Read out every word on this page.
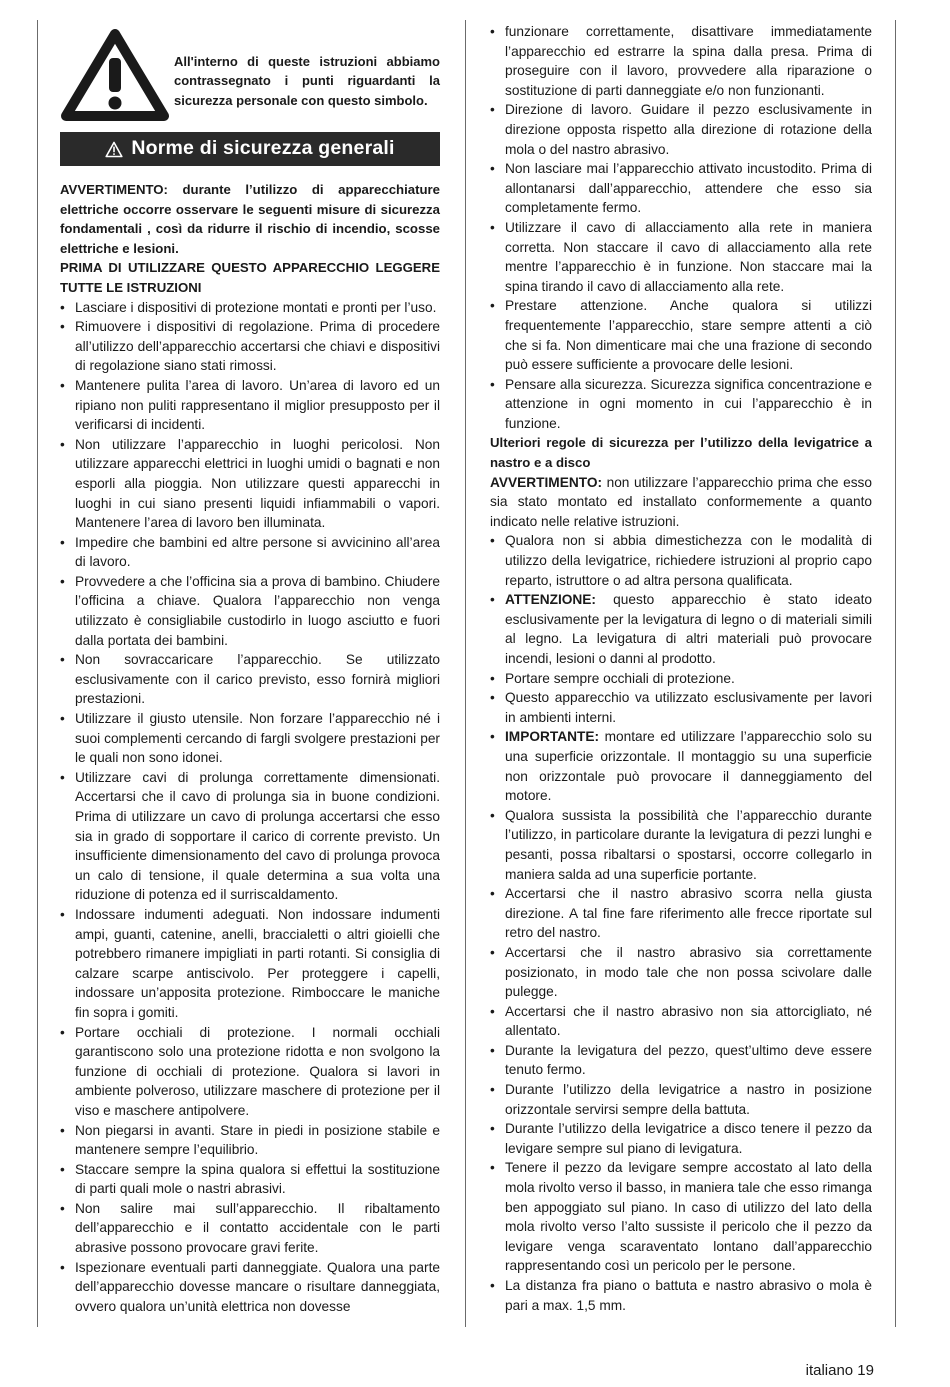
All'interno di queste istruzioni abbiamo contrassegnato i punti riguardanti la sicurezza personale con questo simbolo.
Norme di sicurezza generali

AVVERTIMENTO: durante l’utilizzo di apparecchiature elettriche occorre osservare le seguenti misure di sicurezza fondamentali , così da ridurre il rischio di incendio, scosse elettriche e lesioni.

PRIMA DI UTILIZZARE QUESTO APPARECCHIO LEGGERE TUTTE LE ISTRUZIONI

• Lasciare i dispositivi di protezione montati e pronti per l’uso.
• Rimuovere i dispositivi di regolazione. Prima di procedere all’utilizzo dell’apparecchio accertarsi che chiavi e dispositivi di regolazione siano stati rimossi.
• Mantenere pulita l’area di lavoro. Un’area di lavoro ed un ripiano non puliti rappresentano il miglior presupposto per il verificarsi di incidenti.
• Non utilizzare l’apparecchio in luoghi pericolosi. Non utilizzare apparecchi elettrici in luoghi umidi o bagnati e non esporli alla pioggia. Non utilizzare questi apparecchi in luoghi in cui siano presenti liquidi infiammabili o vapori. Mantenere l’area di lavoro ben illuminata.
• Impedire che bambini ed altre persone si avvicinino all’area di lavoro.
• Provvedere a che l’officina sia a prova di bambino. Chiudere l’officina a chiave. Qualora l’apparecchio non venga utilizzato è consigliabile custodirlo in luogo asciutto e fuori dalla portata dei bambini.
• Non sovraccaricare l’apparecchio. Se utilizzato esclusivamente con il carico previsto, esso fornirà migliori prestazioni.
• Utilizzare il giusto utensile. Non forzare l’apparecchio né i suoi complementi cercando di fargli svolgere prestazioni per le quali non sono idonei.
• Utilizzare cavi di prolunga correttamente dimensionati. Accertarsi che il cavo di prolunga sia in buone condizioni. Prima di utilizzare un cavo di prolunga accertarsi che esso sia in grado di sopportare il carico di corrente previsto. Un insufficiente dimensionamento del cavo di prolunga provoca un calo di tensione, il quale determina a sua volta una riduzione di potenza ed il surriscaldamento.
• Indossare indumenti adeguati. Non indossare indumenti ampi, guanti, catenine, anelli, braccialetti o altri gioielli che potrebbero rimanere impigliati in parti rotanti. Si consiglia di calzare scarpe antiscivolo. Per proteggere i capelli, indossare un’apposita protezione. Rimboccare le maniche fin sopra i gomiti.
• Portare occhiali di protezione. I normali occhiali garantiscono solo una protezione ridotta e non svolgono la funzione di occhiali di protezione. Qualora si lavori in ambiente polveroso, utilizzare maschere di protezione per il viso e maschere antipolvere.
• Non piegarsi in avanti. Stare in piedi in posizione stabile e mantenere sempre l’equilibrio.
• Staccare sempre la spina qualora si effettui la sostituzione di parti quali mole o nastri abrasivi.
• Non salire mai sull’apparecchio. Il ribaltamento dell’apparecchio e il contatto accidentale con le parti abrasive possono provocare gravi ferite.
• Ispezionare eventuali parti danneggiate. Qualora una parte dell’apparecchio dovesse mancare o risultare danneggiata, ovvero qualora un’unità elettrica non dovesse
• funzionare correttamente, disattivare immediatamente l’apparecchio ed estrarre la spina dalla presa. Prima di proseguire con il lavoro, provvedere alla riparazione o sostituzione di parti danneggiate e/o non funzionanti.
• Direzione di lavoro. Guidare il pezzo esclusivamente in direzione opposta rispetto alla direzione di rotazione della mola o del nastro abrasivo.
• Non lasciare mai l’apparecchio attivato incustodito. Prima di allontanarsi dall’apparecchio, attendere che esso sia completamente fermo.
• Utilizzare il cavo di allacciamento alla rete in maniera corretta. Non staccare il cavo di allacciamento alla rete mentre l’apparecchio è in funzione. Non staccare mai la spina tirando il cavo di allacciamento alla rete.
• Prestare attenzione. Anche qualora si utilizzi frequentemente l’apparecchio, stare sempre attenti a ciò che si fa. Non dimenticare mai che una frazione di secondo può essere sufficiente a provocare delle lesioni.
• Pensare alla sicurezza. Sicurezza significa concentrazione e attenzione in ogni momento in cui l’apparecchio è in funzione.

Ulteriori regole di sicurezza per l’utilizzo della levigatrice a nastro e a disco

AVVERTIMENTO: non utilizzare l’apparecchio prima che esso sia stato montato ed installato conformemente a quanto indicato nelle relative istruzioni.

• Qualora non si abbia dimestichezza con le modalità di utilizzo della levigatrice, richiedere istruzioni al proprio capo reparto, istruttore o ad altra persona qualificata.
• ATTENZIONE: questo apparecchio è stato ideato esclusivamente per la levigatura di legno o di materiali simili al legno. La levigatura di altri materiali può provocare incendi, lesioni o danni al prodotto.
• Portare sempre occhiali di protezione.
• Questo apparecchio va utilizzato esclusivamente per lavori in ambienti interni.
• IMPORTANTE: montare ed utilizzare l’apparecchio solo su una superficie orizzontale. Il montaggio su una superficie non orizzontale può provocare il danneggiamento del motore.
• Qualora sussista la possibilità che l’apparecchio durante l’utilizzo, in particolare durante la levigatura di pezzi lunghi e pesanti, possa ribaltarsi o spostarsi, occorre collegarlo in maniera salda ad una superficie portante.
• Accertarsi che il nastro abrasivo scorra nella giusta direzione. A tal fine fare riferimento alle frecce riportate sul retro del nastro.
• Accertarsi che il nastro abrasivo sia correttamente posizionato, in modo tale che non possa scivolare dalle pulegge.
• Accertarsi che il nastro abrasivo non sia attorcigliato, né allentato.
• Durante la levigatura del pezzo, quest’ultimo deve essere tenuto fermo.
• Durante l’utilizzo della levigatrice a nastro in posizione orizzontale servirsi sempre della battuta.
• Durante l’utilizzo della levigatrice a disco tenere il pezzo da levigare sempre sul piano di levigatura.
• Tenere il pezzo da levigare sempre accostato al lato della mola rivolto verso il basso, in maniera tale che esso rimanga ben appoggiato sul piano. In caso di utilizzo del lato della mola rivolto verso l’alto sussiste il pericolo che il pezzo da levigare venga scaraventato lontano dall’apparecchio rappresentando così un pericolo per le persone.
• La distanza fra piano o battuta e nastro abrasivo o mola è pari a max. 1,5 mm.
italiano 19
